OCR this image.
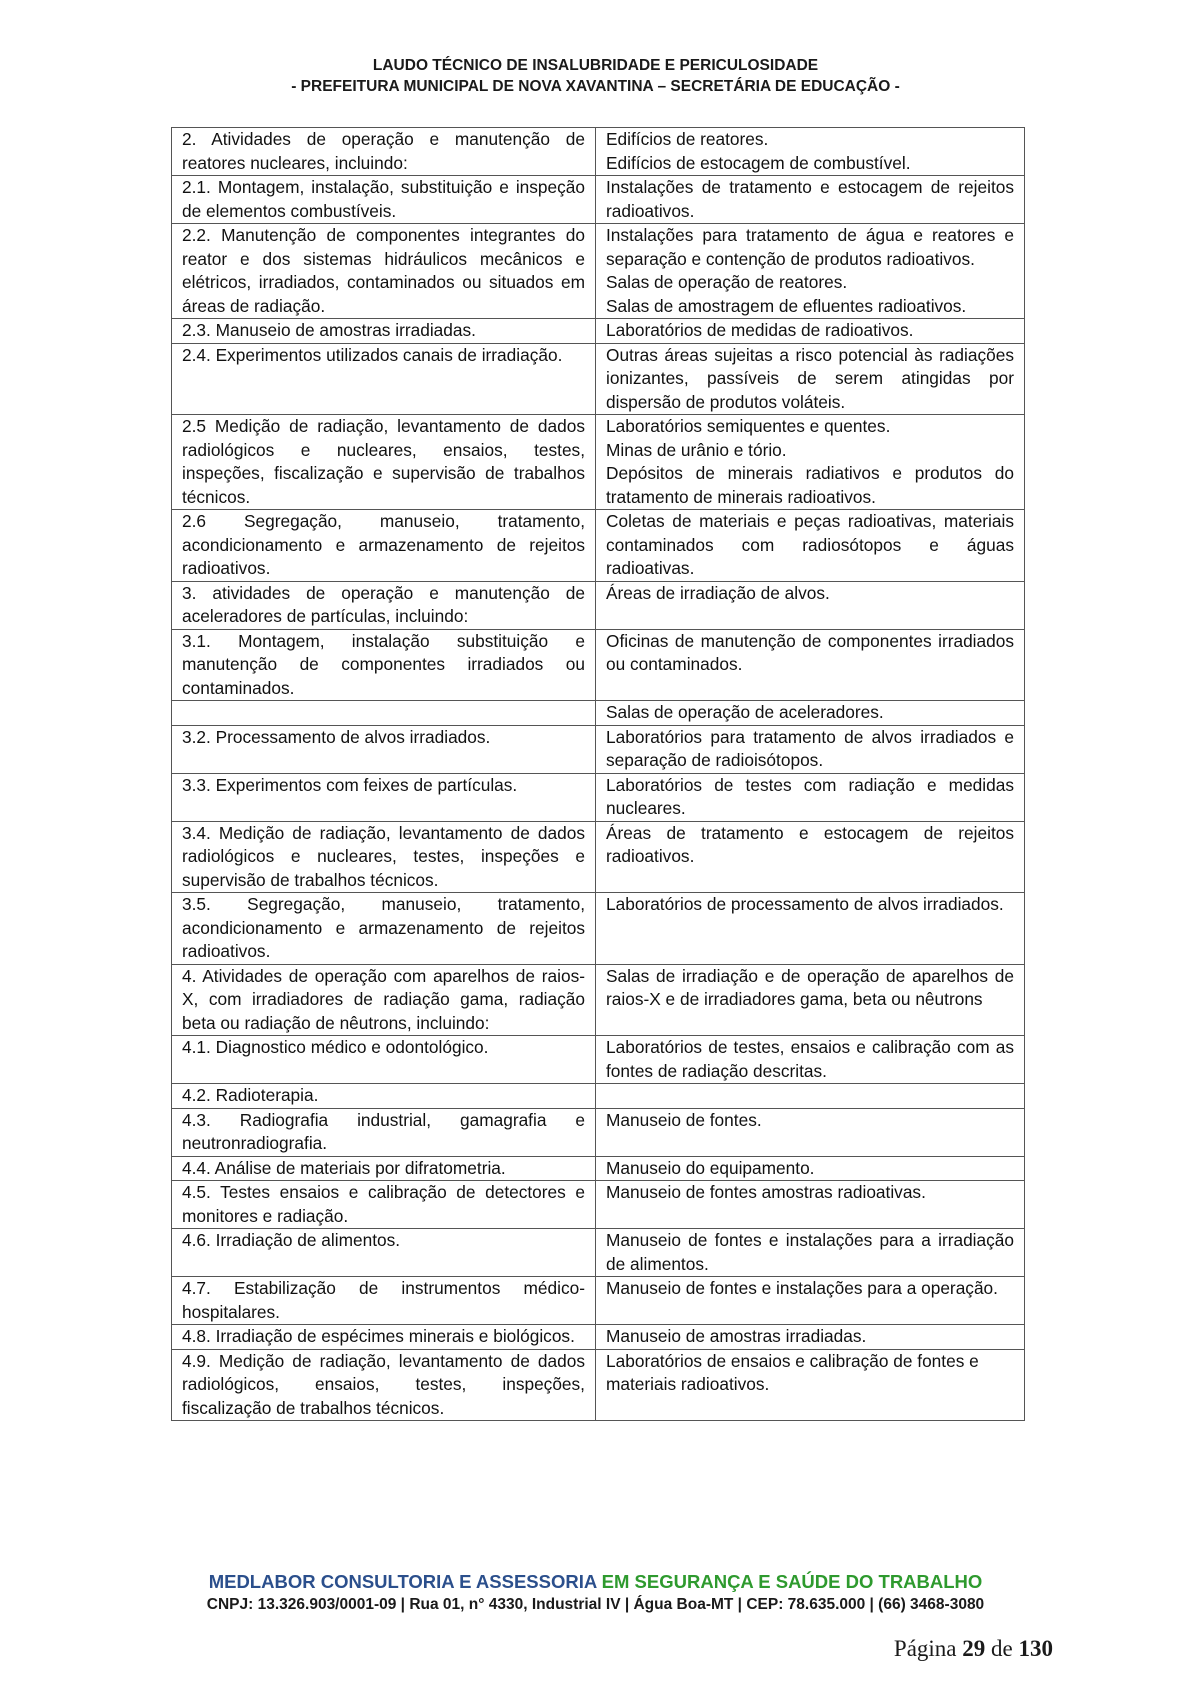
LAUDO TÉCNICO DE INSALUBRIDADE E PERICULOSIDADE
- PREFEITURA MUNICIPAL DE NOVA XAVANTINA – SECRETÁRIA DE EDUCAÇÃO -
2. Atividades de operação e manutenção de reatores nucleares, incluindo:	Edifícios de reatores.
Edifícios de estocagem de combustível.

2.1. Montagem, instalação, substituição e inspeção de elementos combustíveis.	Instalações de tratamento e estocagem de rejeitos radioativos.

2.2. Manutenção de componentes integrantes do reator e dos sistemas hidráulicos mecânicos e elétricos, irradiados, contaminados ou situados em áreas de radiação.	Instalações para tratamento de água e reatores e separação e contenção de produtos radioativos.
Salas de operação de reatores.
Salas de amostragem de efluentes radioativos.

2.3. Manuseio de amostras irradiadas.	Laboratórios de medidas de radioativos.

2.4. Experimentos utilizados canais de irradiação.	Outras áreas sujeitas a risco potencial às radiações ionizantes, passíveis de serem atingidas por dispersão de produtos voláteis.

2.5 Medição de radiação, levantamento de dados radiológicos e nucleares, ensaios, testes, inspeções, fiscalização e supervisão de trabalhos técnicos.	Laboratórios semiquentes e quentes.
Minas de urânio e tório.
Depósitos de minerais radiativos e produtos do tratamento de minerais radioativos.

2.6 Segregação, manuseio, tratamento, acondicionamento e armazenamento de rejeitos radioativos.	Coletas de materiais e peças radioativas, materiais contaminados com radiosótopos e águas radioativas.

3. atividades de operação e manutenção de aceleradores de partículas, incluindo:	Áreas de irradiação de alvos.

3.1. Montagem, instalação substituição e manutenção de componentes irradiados ou contaminados.	Oficinas de manutenção de componentes irradiados ou contaminados.

	Salas de operação de aceleradores.

3.2. Processamento de alvos irradiados.	Laboratórios para tratamento de alvos irradiados e separação de radioisótopos.

3.3. Experimentos com feixes de partículas.	Laboratórios de testes com radiação e medidas nucleares.

3.4. Medição de radiação, levantamento de dados radiológicos e nucleares, testes, inspeções e supervisão de trabalhos técnicos.	Áreas de tratamento e estocagem de rejeitos radioativos.

3.5. Segregação, manuseio, tratamento, acondicionamento e armazenamento de rejeitos radioativos.	Laboratórios de processamento de alvos irradiados.

4. Atividades de operação com aparelhos de raios-X, com irradiadores de radiação gama, radiação beta ou radiação de nêutrons, incluindo:	Salas de irradiação e de operação de aparelhos de raios-X e de irradiadores gama, beta ou nêutrons

4.1. Diagnostico médico e odontológico.	Laboratórios de testes, ensaios e calibração com as fontes de radiação descritas.

4.2. Radioterapia.	
4.3. Radiografia industrial, gamagrafia e neutronradiografia.	Manuseio de fontes.

4.4. Análise de materiais por difratometria.	Manuseio do equipamento.

4.5. Testes ensaios e calibração de detectores e monitores e radiação.	Manuseio de fontes amostras radioativas.

4.6. Irradiação de alimentos.	Manuseio de fontes e instalações para a irradiação de alimentos.

4.7. Estabilização de instrumentos médico-hospitalares.	Manuseio de fontes e instalações para a operação.

4.8. Irradiação de espécimes minerais e biológicos.	Manuseio de amostras irradiadas.

4.9. Medição de radiação, levantamento de dados radiológicos, ensaios, testes, inspeções, fiscalização de trabalhos técnicos.	Laboratórios de ensaios e calibração de fontes e
materiais radioativos.
MEDLABOR CONSULTORIA E ASSESSORIA EM SEGURANÇA E SAÚDE DO TRABALHO
CNPJ: 13.326.903/0001-09 | Rua 01, n° 4330, Industrial IV | Água Boa-MT | CEP: 78.635.000 | (66) 3468-3080
Página 29 de 130
